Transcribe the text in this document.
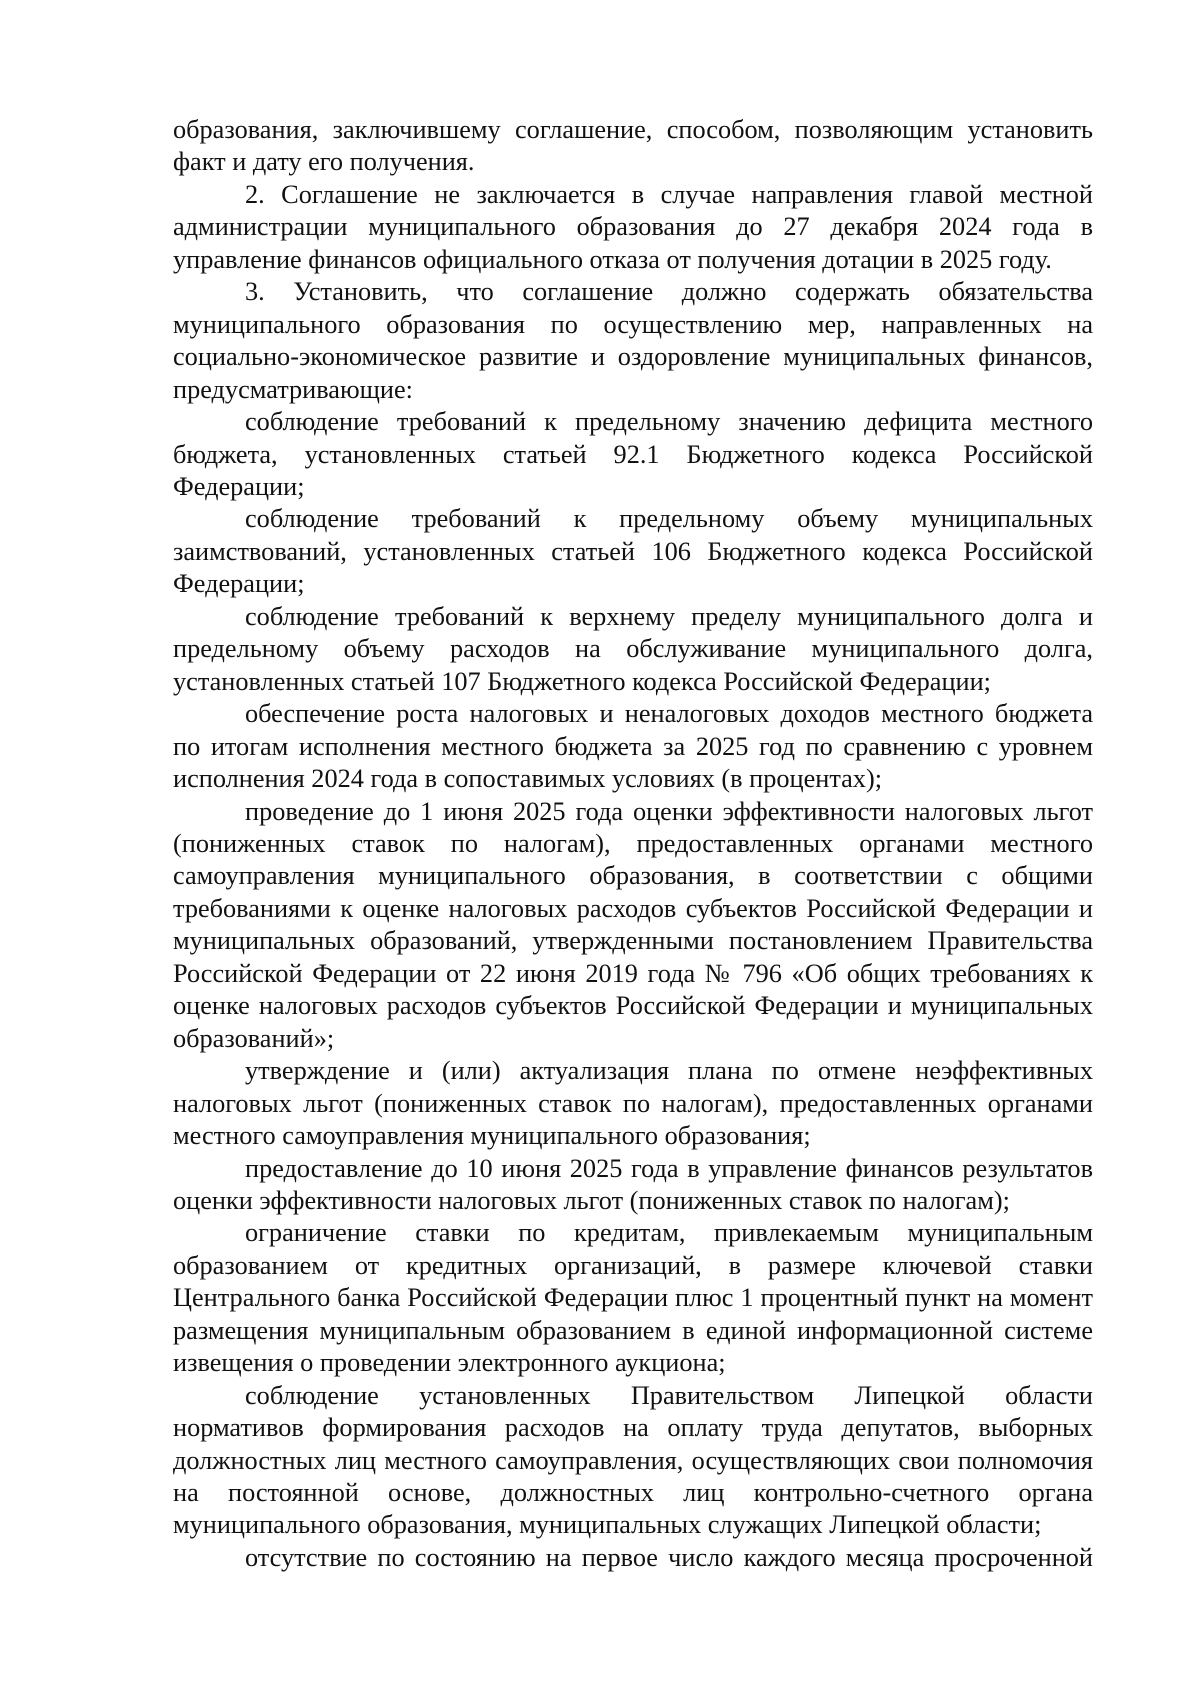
образования, заключившему соглашение, способом, позволяющим установить факт и дату его получения.

2. Соглашение не заключается в случае направления главой местной администрации муниципального образования до 27 декабря 2024 года в управление финансов официального отказа от получения дотации в 2025 году.

3. Установить, что соглашение должно содержать обязательства муниципального образования по осуществлению мер, направленных на социально-экономическое развитие и оздоровление муниципальных финансов, предусматривающие:

соблюдение требований к предельному значению дефицита местного бюджета, установленных статьей 92.1 Бюджетного кодекса Российской Федерации;

соблюдение требований к предельному объему муниципальных заимствований, установленных статьей 106 Бюджетного кодекса Российской Федерации;

соблюдение требований к верхнему пределу муниципального долга и предельному объему расходов на обслуживание муниципального долга, установленных статьей 107 Бюджетного кодекса Российской Федерации;

обеспечение роста налоговых и неналоговых доходов местного бюджета по итогам исполнения местного бюджета за 2025 год по сравнению с уровнем исполнения 2024 года в сопоставимых условиях (в процентах);

проведение до 1 июня 2025 года оценки эффективности налоговых льгот (пониженных ставок по налогам), предоставленных органами местного самоуправления муниципального образования, в соответствии с общими требованиями к оценке налоговых расходов субъектов Российской Федерации и муниципальных образований, утвержденными постановлением Правительства Российской Федерации от 22 июня 2019 года № 796 «Об общих требованиях к оценке налоговых расходов субъектов Российской Федерации и муниципальных образований»;

утверждение и (или) актуализация плана по отмене неэффективных налоговых льгот (пониженных ставок по налогам), предоставленных органами местного самоуправления муниципального образования;

предоставление до 10 июня 2025 года в управление финансов результатов оценки эффективности налоговых льгот (пониженных ставок по налогам);

ограничение ставки по кредитам, привлекаемым муниципальным образованием от кредитных организаций, в размере ключевой ставки Центрального банка Российской Федерации плюс 1 процентный пункт на момент размещения муниципальным образованием в единой информационной системе извещения о проведении электронного аукциона;

соблюдение установленных Правительством Липецкой области нормативов формирования расходов на оплату труда депутатов, выборных должностных лиц местного самоуправления, осуществляющих свои полномочия на постоянной основе, должностных лиц контрольно-счетного органа муниципального образования, муниципальных служащих Липецкой области;

отсутствие по состоянию на первое число каждого месяца просроченной
